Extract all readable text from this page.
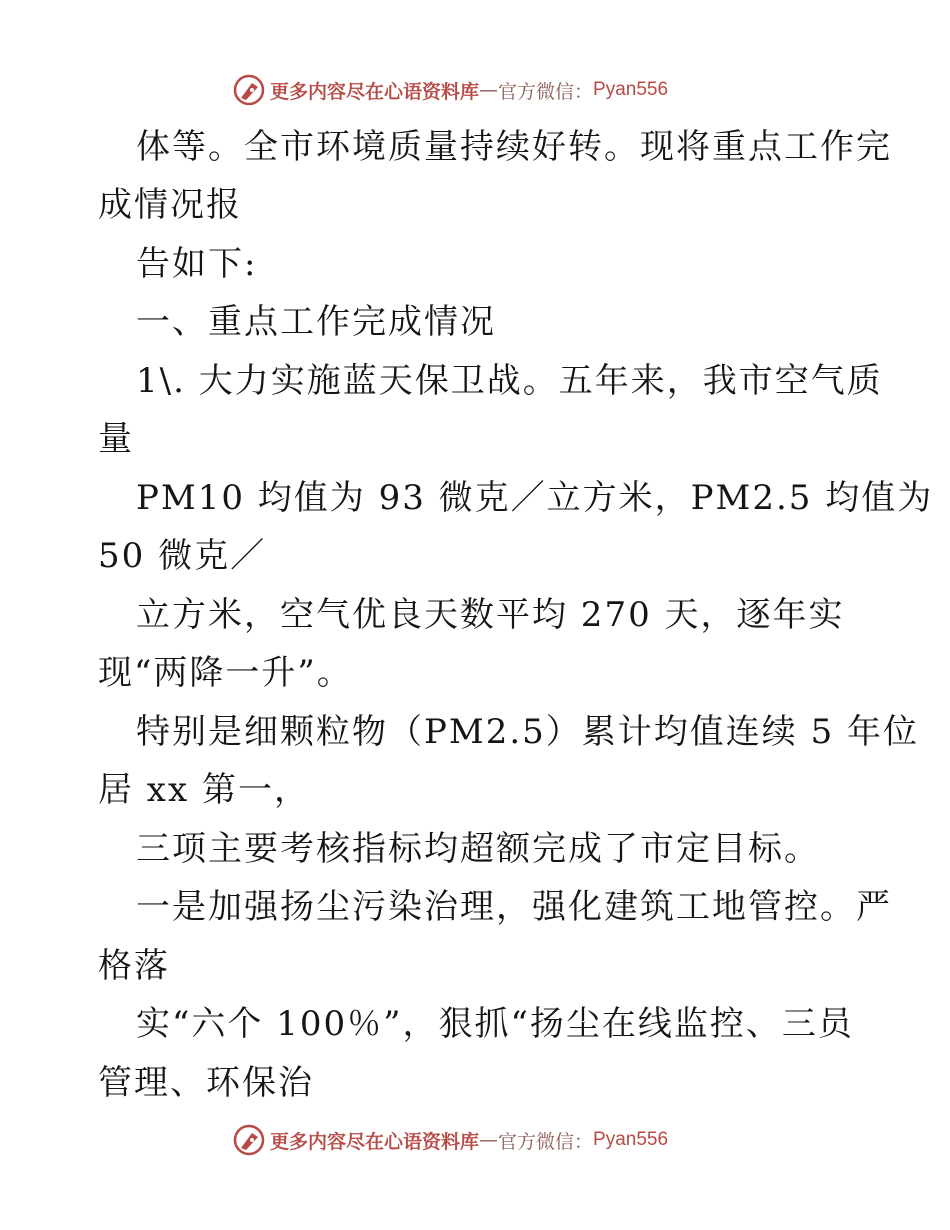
更多内容尽在心语资料库 — 官方微信： Pyan556
体等。全市环境质量持续好转。现将重点工作完
成情况报
告如下:
一、重点工作完成情况
1\. 大力实施蓝天保卫战。五年来，我市空气质
量
PM10 均值为 93 微克／立方米，PM2.5 均值为
50 微克／
立方米，空气优良天数平均 270 天，逐年实
现“两降一升”。
特别是细颗粒物（PM2.5）累计均值连续 5 年位
居 xx 第一，
三项主要考核指标均超额完成了市定目标。
一是加强扬尘污染治理，强化建筑工地管控。严
格落
实“六个 100％”，狠抓“扬尘在线监控、三员
管理、环保治
更多内容尽在心语资料库 — 官方微信： Pyan556
